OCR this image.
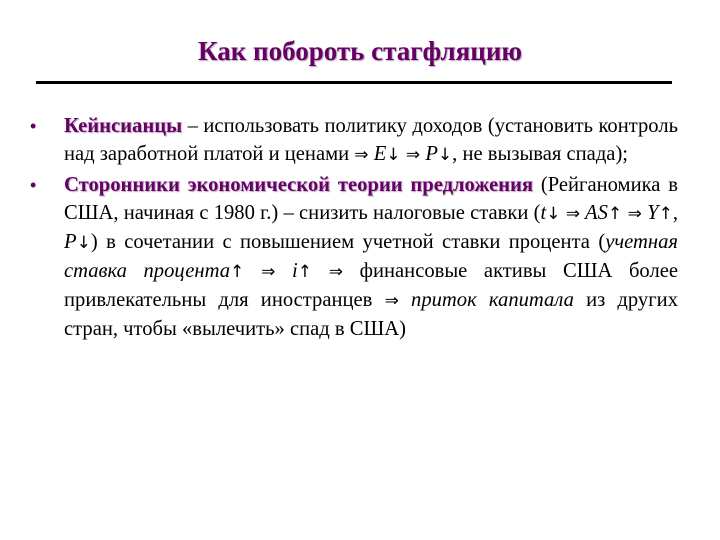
Как побороть стагфляцию
•
Кейнсианцы – использовать политику доходов (установить контроль над заработной платой и ценами ⇒ E↓ ⇒ P↓, не вызывая спада);
•
Сторонники экономической теории предложения (Рейганомика в США, начиная с 1980 г.) – снизить налоговые ставки (t↓ ⇒ AS↑ ⇒ Y↑, P↓) в сочетании с повышением учетной ставки процента (учетная ставка процента↑ ⇒ i↑ ⇒ финансовые активы США более привлекательны для иностранцев ⇒ приток капитала из других стран, чтобы «вылечить» спад в США)
